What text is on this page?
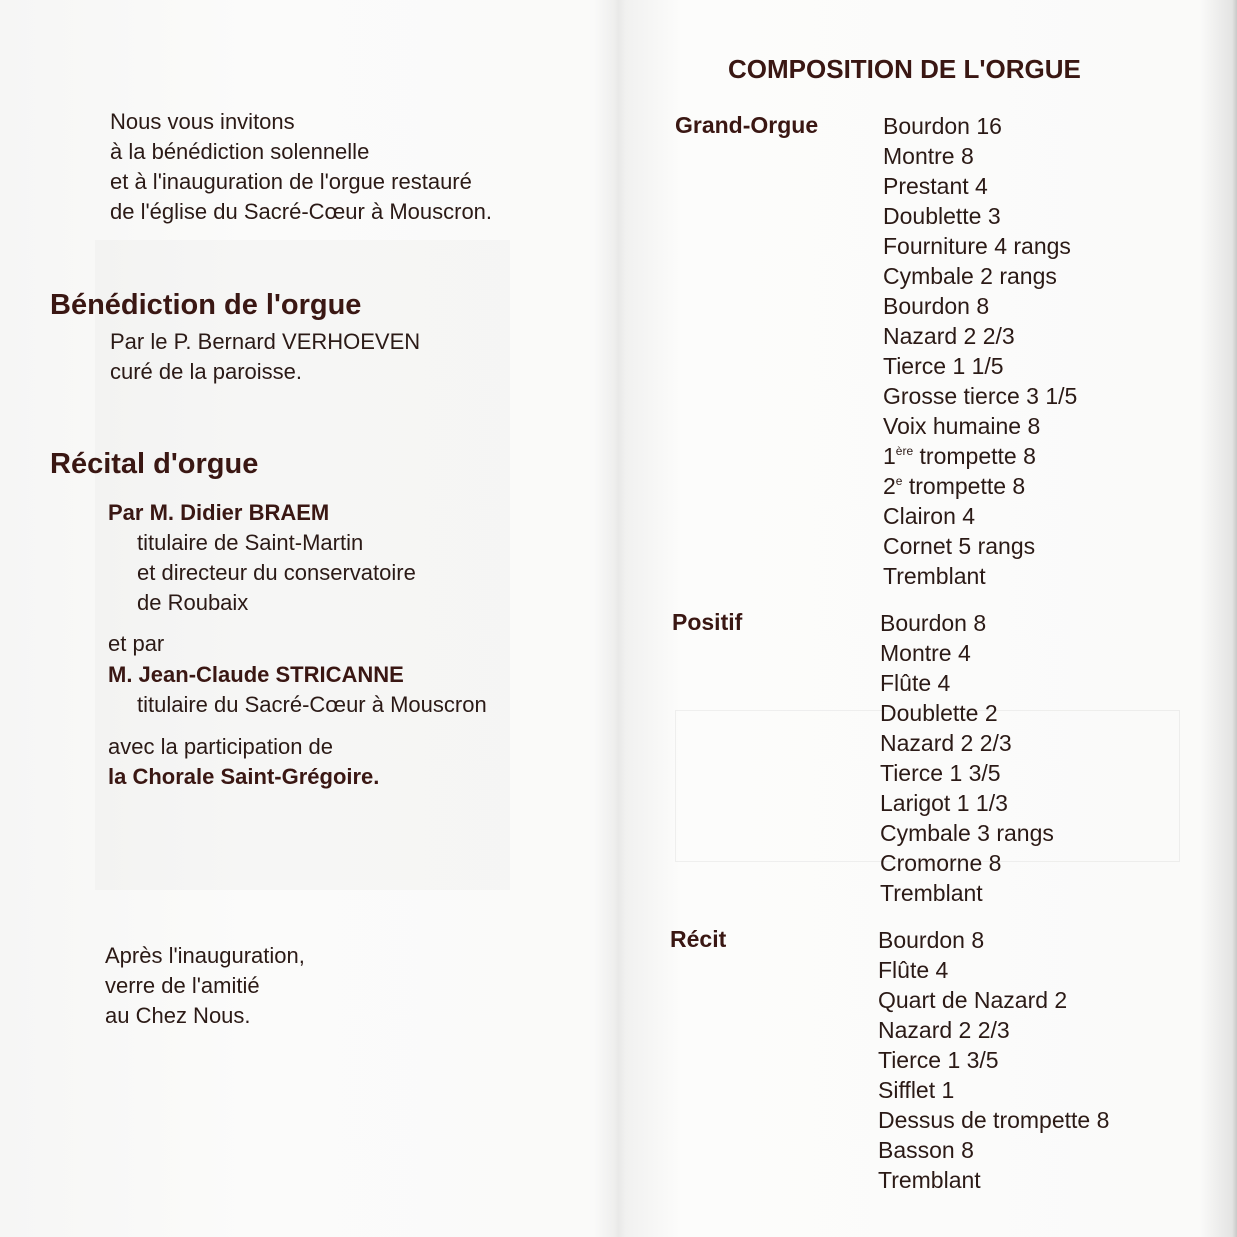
Nous vous invitons
à la bénédiction solennelle
et à l'inauguration de l'orgue restauré
de l'église du Sacré-Cœur à Mouscron.
Bénédiction de l'orgue
Par le P. Bernard VERHOEVEN
curé de la paroisse.
Récital d'orgue
Par M. Didier BRAEM
titulaire de Saint-Martin
et directeur du conservatoire
de Roubaix
et par
M. Jean-Claude STRICANNE
titulaire du Sacré-Cœur à Mouscron
avec la participation de
la Chorale Saint-Grégoire.
Après l'inauguration,
verre de l'amitié
au Chez Nous.
COMPOSITION DE L'ORGUE
Grand-Orgue	Bourdon 16
Montre 8
Prestant 4
Doublette 3
Fourniture 4 rangs
Cymbale 2 rangs
Bourdon 8
Nazard 2 2/3
Tierce 1 1/5
Grosse tierce 3 1/5
Voix humaine 8
1ère trompette 8
2e trompette 8
Clairon 4
Cornet 5 rangs
Tremblant
Positif	Bourdon 8
Montre 4
Flûte 4
Doublette 2
Nazard 2 2/3
Tierce 1 3/5
Larigot 1 1/3
Cymbale 3 rangs
Cromorne 8
Tremblant
Récit	Bourdon 8
Flûte 4
Quart de Nazard 2
Nazard 2 2/3
Tierce 1 3/5
Sifflet 1
Dessus de trompette 8
Basson 8
Tremblant
